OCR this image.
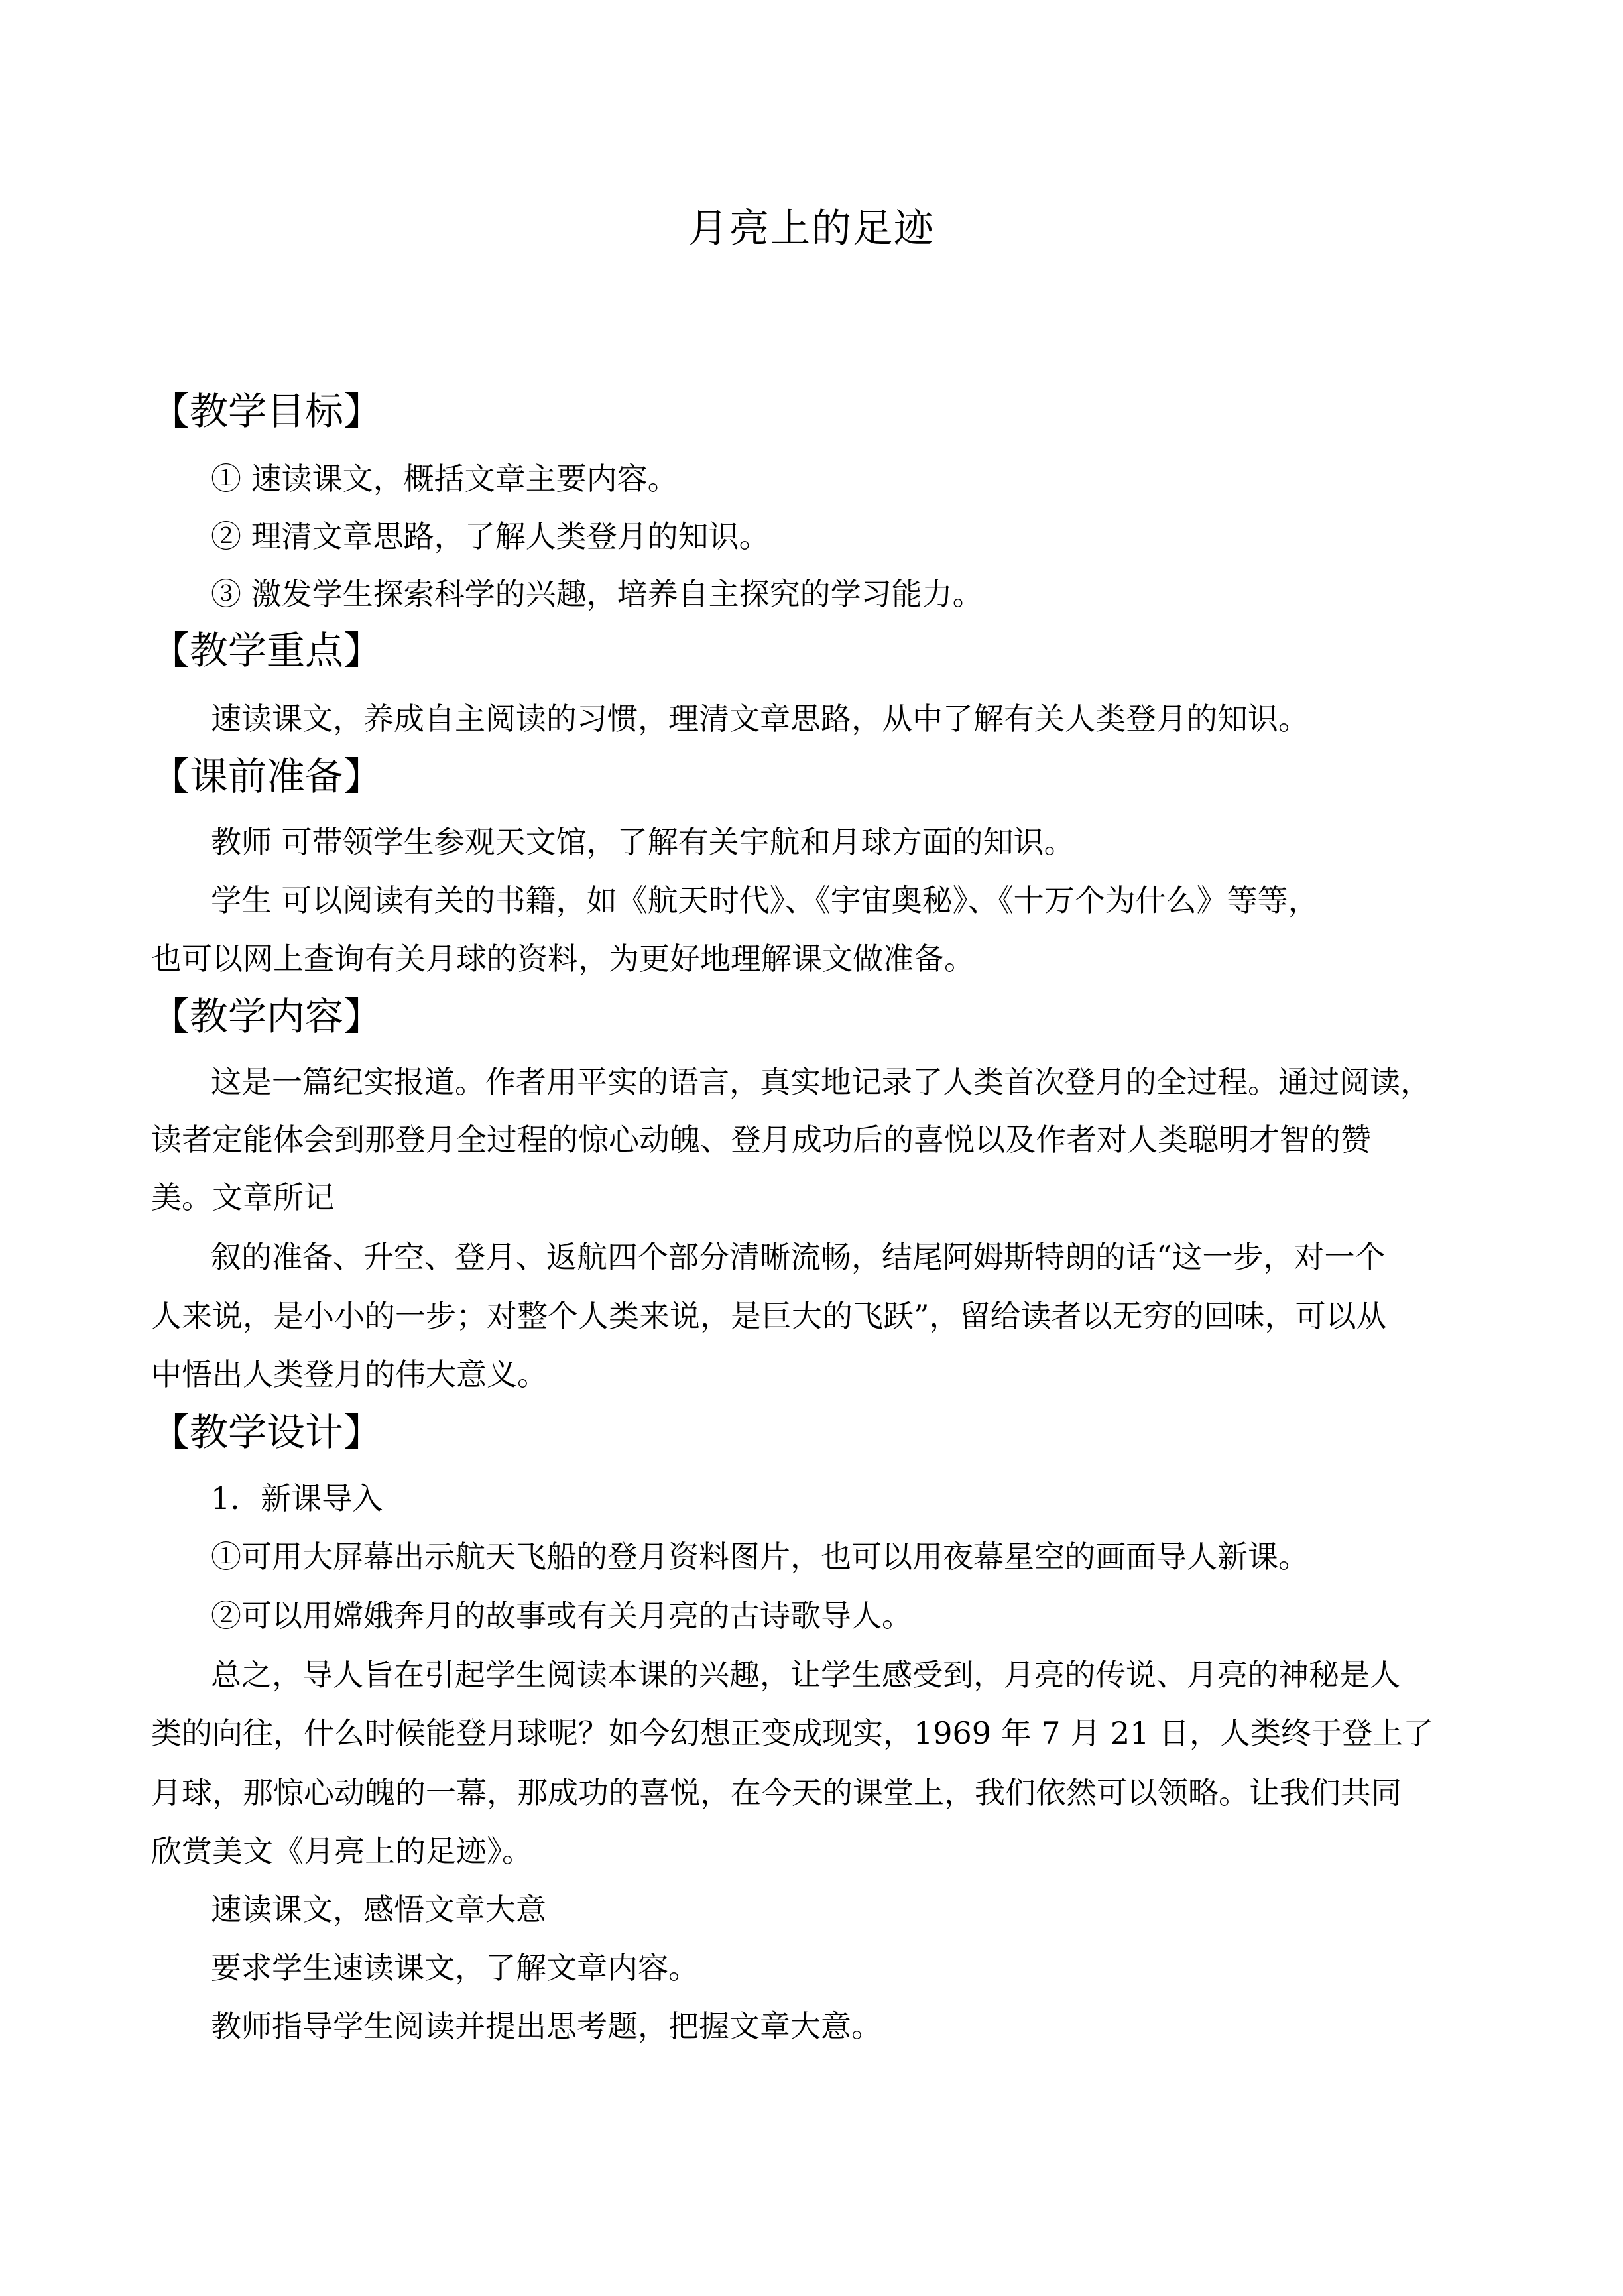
月亮上的足迹
【教学目标】
① 速读课文，概括文章主要内容。
② 理清文章思路，了解人类登月的知识。
③ 激发学生探索科学的兴趣，培养自主探究的学习能力。
【教学重点】
速读课文，养成自主阅读的习惯，理清文章思路，从中了解有关人类登月的知识。
【课前准备】
教师 可带领学生参观天文馆，了解有关宇航和月球方面的知识。
学生 可以阅读有关的书籍，如《航天时代》、《宇宙奥秘》、《十万个为什么》等等，
也可以网上查询有关月球的资料，为更好地理解课文做准备。
【教学内容】
这是一篇纪实报道。作者用平实的语言，真实地记录了人类首次登月的全过程。通过阅读，
读者定能体会到那登月全过程的惊心动魄、登月成功后的喜悦以及作者对人类聪明才智的赞
美。文章所记
叙的准备、升空、登月、返航四个部分清晰流畅，结尾阿姆斯特朗的话“这一步，对一个
人来说，是小小的一步；对整个人类来说，是巨大的飞跃”，留给读者以无穷的回味，可以从
中悟出人类登月的伟大意义。
【教学设计】
1．新课导入
①可用大屏幕出示航天飞船的登月资料图片，也可以用夜幕星空的画面导人新课。
②可以用嫦娥奔月的故事或有关月亮的古诗歌导人。
总之，导人旨在引起学生阅读本课的兴趣，让学生感受到，月亮的传说、月亮的神秘是人
类的向往，什么时候能登月球呢？如今幻想正变成现实，1969 年 7 月 21 日，人类终于登上了
月球，那惊心动魄的一幕，那成功的喜悦，在今天的课堂上，我们依然可以领略。让我们共同
欣赏美文《月亮上的足迹》。
速读课文，感悟文章大意
要求学生速读课文，了解文章内容。
教师指导学生阅读并提出思考题，把握文章大意。
